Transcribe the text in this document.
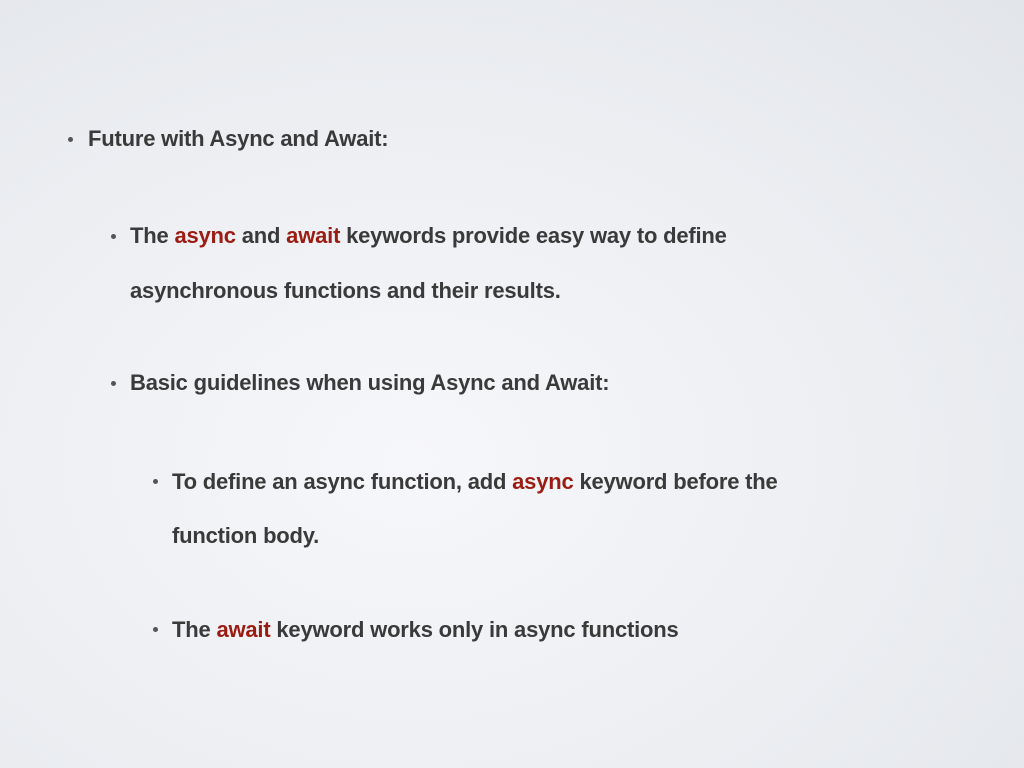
Future with Async and Await:
The async and await keywords provide easy way to define
asynchronous functions and their results.
Basic guidelines when using Async and Await:
To define an async function, add async keyword before the
function body.
The await keyword works only in async functions
